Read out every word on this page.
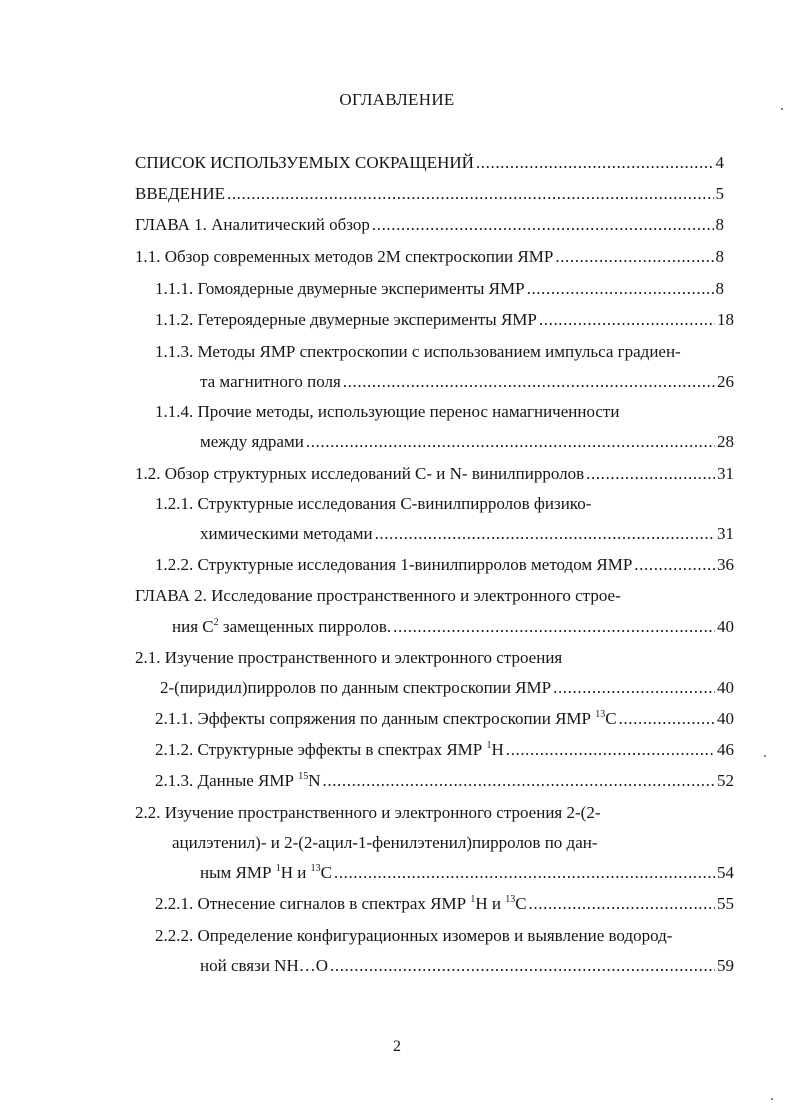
ОГЛАВЛЕНИЕ
СПИСОК ИСПОЛЬЗУЕМЫХ СОКРАЩЕНИЙ .....	4
ВВЕДЕНИЕ .....	5
ГЛАВА 1. Аналитический обзор .....	8
1.1. Обзор современных методов 2М спектроскопии ЯМР .....	8
1.1.1. Гомоядерные двумерные эксперименты ЯМР .....	8
1.1.2. Гетероядерные двумерные эксперименты ЯМР .....	18
1.1.3. Методы ЯМР спектроскопии с использованием импульса градиен-
та магнитного поля .....	26
1.1.4. Прочие методы, использующие перенос намагниченности
между ядрами .....	28
1.2. Обзор структурных исследований С- и N- винилпирролов .....	31
1.2.1. Структурные исследования С-винилпирролов физико-
химическими методами .....	31
1.2.2. Структурные исследования 1-винилпирролов методом ЯМР .....	36
ГЛАВА 2. Исследование пространственного и электронного строе-
ния $С^2$ замещенных пирролов. .....	40
2.1. Изучение пространственного и электронного строения
2-(пиридил)пирролов по данным спектроскопии ЯМР .....	40
2.1.1. Эффекты сопряжения по данным спектроскопии ЯМР $^{13}$С .....	40
2.1.2. Структурные эффекты в спектрах ЯМР $^1$Н .....	46
2.1.3. Данные ЯМР $^{15}$N .....	52
2.2. Изучение пространственного и электронного строения 2-(2-
ацилэтенил)- и 2-(2-ацил-1-фенилэтенил)пирролов по дан-
ным ЯМР $^1$Н и $^{13}$С .....	54
2.2.1. Отнесение сигналов в спектрах ЯМР $^1$Н и $^{13}$С .....	55
2.2.2. Определение конфигурационных изомеров и выявление водород-
ной связи NH…O .....	59
2
